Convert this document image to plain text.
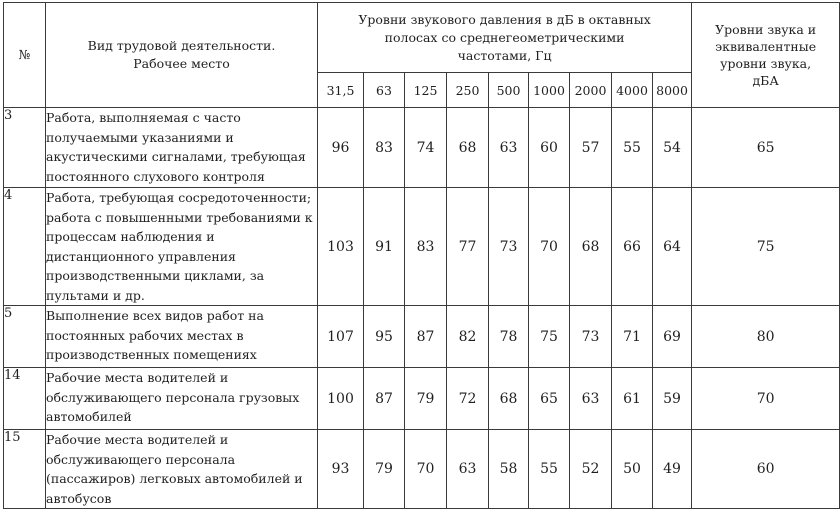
№	Вид трудовой деятельности. Рабочее место	Уровни звукового давления в дБ в октавных полосах со среднегеометрическими частотами, Гц									Уровни звука и эквивалентные уровни звука, дБА
		31,5	63	125	250	500	1000	2000	4000	8000	
3	Работа, выполняемая с часто получаемыми указаниями и акустическими сигналами, требующая постоянного слухового контроля	96	83	74	68	63	60	57	55	54	65
4	Работа, требующая сосредоточенности; работа с повышенными требованиями к процессам наблюдения и дистанционного управления производственными циклами, за пультами и др.	103	91	83	77	73	70	68	66	64	75
5	Выполнение всех видов работ на постоянных рабочих местах в производственных помещениях	107	95	87	82	78	75	73	71	69	80
14	Рабочие места водителей и обслуживающего персонала грузовых автомобилей	100	87	79	72	68	65	63	61	59	70
15	Рабочие места водителей и обслуживающего персонала (пассажиров) легковых автомобилей и автобусов	93	79	70	63	58	55	52	50	49	60
